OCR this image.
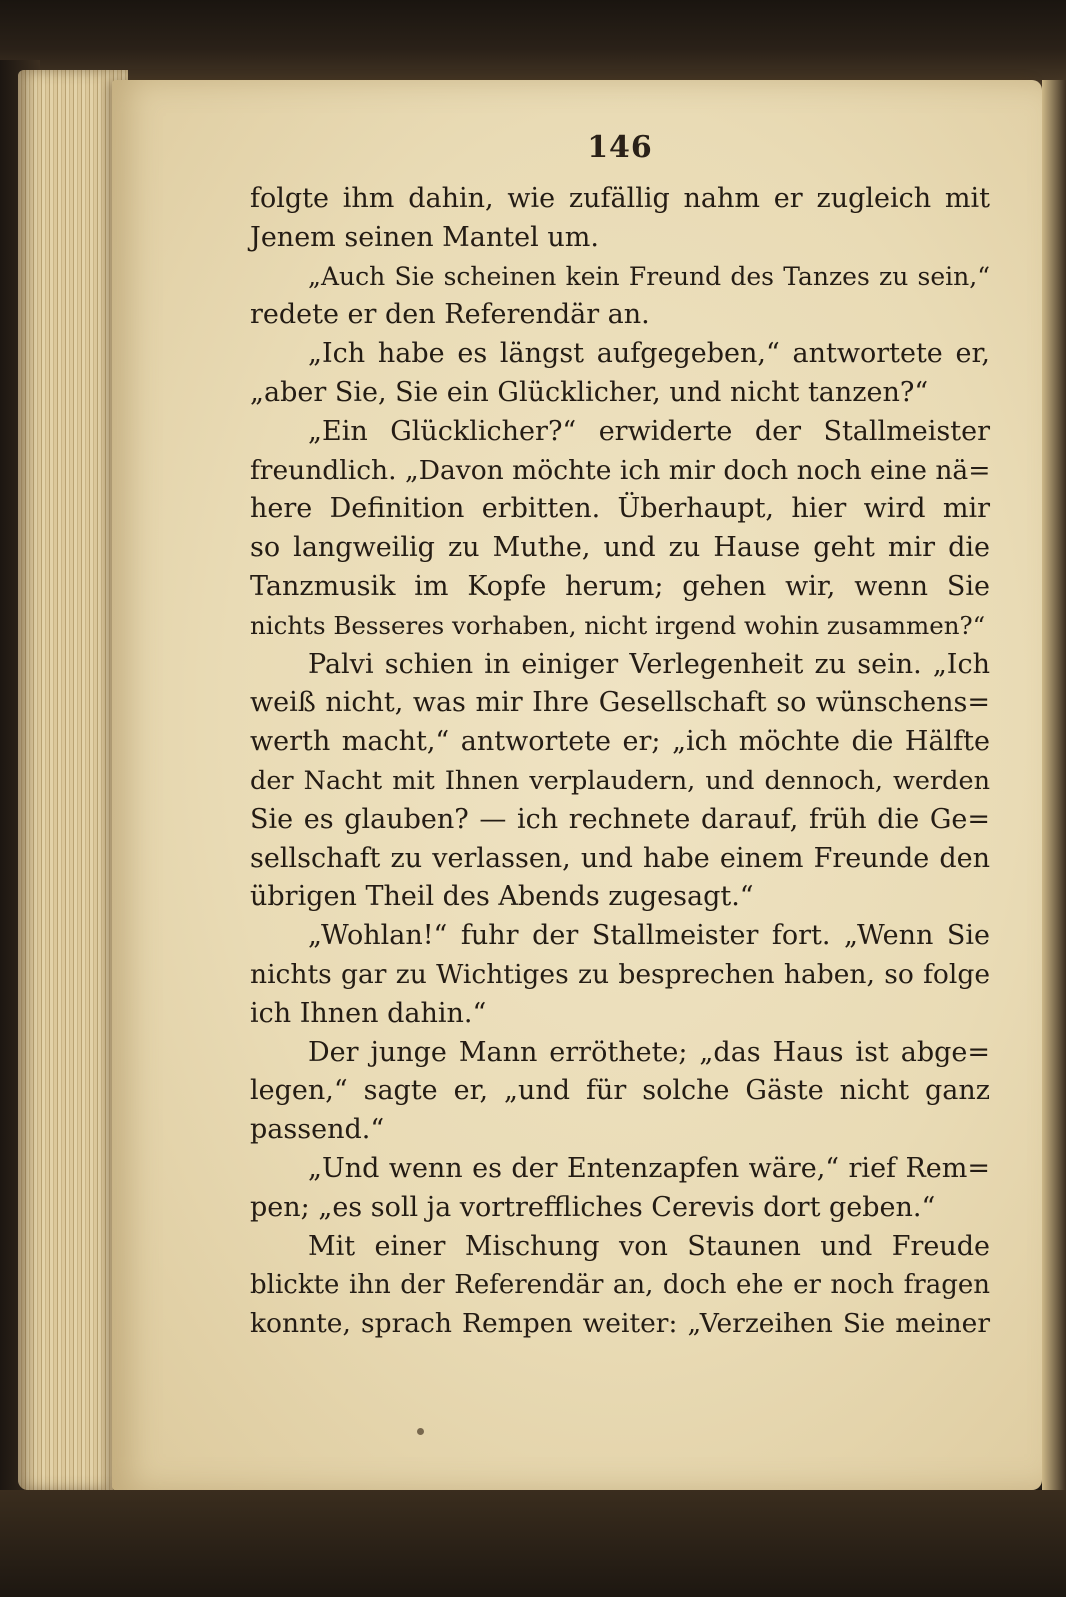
146
folgte ihm dahin, wie zufällig nahm er zugleich mit
Jenem seinen Mantel um.
„Auch Sie scheinen kein Freund des Tanzes zu sein,“
redete er den Referendär an.
„Ich habe es längst aufgegeben,“ antwortete er,
„aber Sie, Sie ein Glücklicher, und nicht tanzen?“
„Ein Glücklicher?“ erwiderte der Stallmeister
freundlich. „Davon möchte ich mir doch noch eine nä=
here Definition erbitten. Überhaupt, hier wird mir
so langweilig zu Muthe, und zu Hause geht mir die
Tanzmusik im Kopfe herum; gehen wir, wenn Sie
nichts Besseres vorhaben, nicht irgend wohin zusammen?“
Palvi schien in einiger Verlegenheit zu sein. „Ich
weiß nicht, was mir Ihre Gesellschaft so wünschens=
werth macht,“ antwortete er; „ich möchte die Hälfte
der Nacht mit Ihnen verplaudern, und dennoch, werden
Sie es glauben? — ich rechnete darauf, früh die Ge=
sellschaft zu verlassen, und habe einem Freunde den
übrigen Theil des Abends zugesagt.“
„Wohlan!“ fuhr der Stallmeister fort. „Wenn Sie
nichts gar zu Wichtiges zu besprechen haben, so folge
ich Ihnen dahin.“
Der junge Mann erröthete; „das Haus ist abge=
legen,“ sagte er, „und für solche Gäste nicht ganz
passend.“
„Und wenn es der Entenzapfen wäre,“ rief Rem=
pen; „es soll ja vortreffliches Cerevis dort geben.“
Mit einer Mischung von Staunen und Freude
blickte ihn der Referendär an, doch ehe er noch fragen
konnte, sprach Rempen weiter: „Verzeihen Sie meiner
